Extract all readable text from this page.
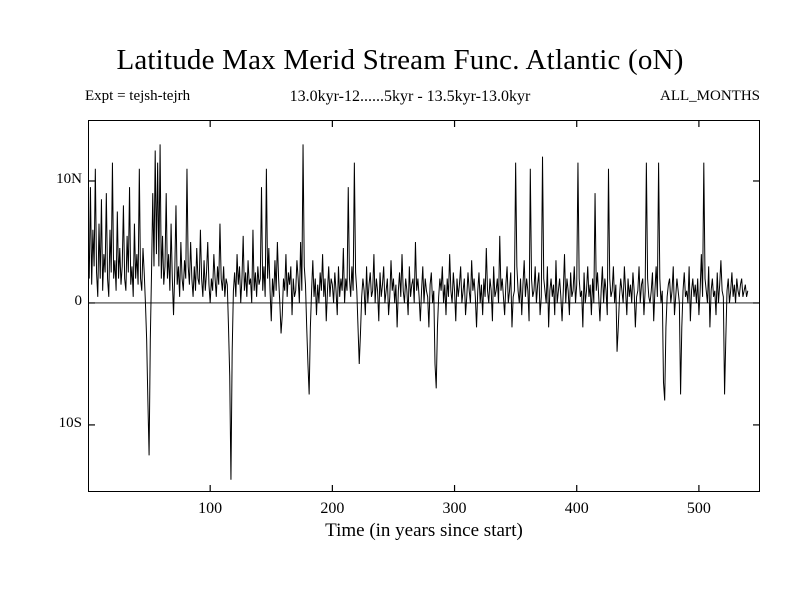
Latitude Max Merid Stream Func. Atlantic (oN)
Expt = tejsh-tejrh	13.0kyr-12......5kyr - 13.5kyr-13.0kyr	ALL_MONTHS
Time (in years since start)
10N
0
10S
100	200	300	400	500
